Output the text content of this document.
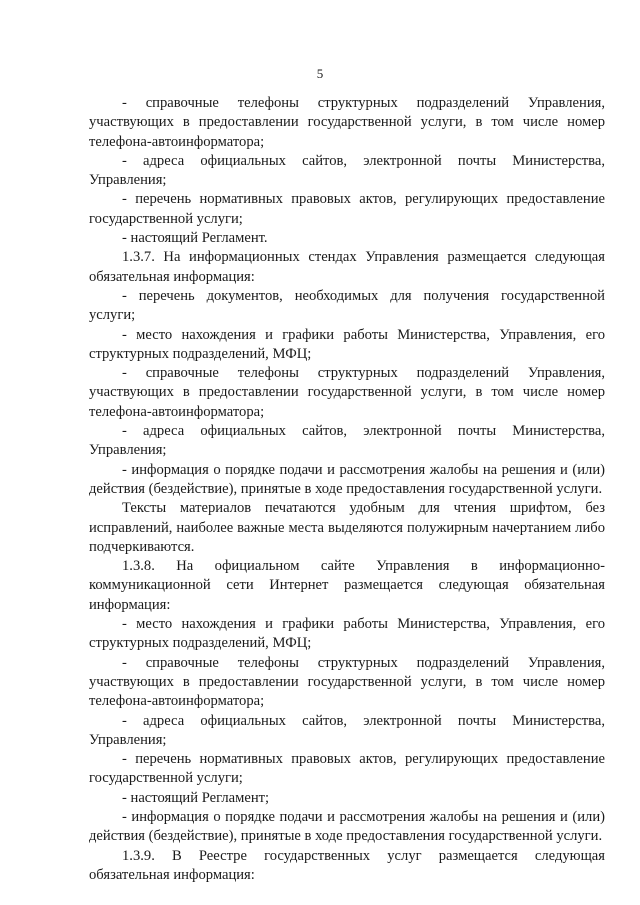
5

- справочные телефоны структурных подразделений Управления, участвующих в предоставлении государственной услуги, в том числе номер телефона-автоинформатора;

- адреса официальных сайтов, электронной почты Министерства, Управления;

- перечень нормативных правовых актов, регулирующих предоставление государственной услуги;

- настоящий Регламент.

1.3.7. На информационных стендах Управления размещается следующая обязательная информация:

- перечень документов, необходимых для получения государственной услуги;

- место нахождения и графики работы Министерства, Управления, его структурных подразделений, МФЦ;

- справочные телефоны структурных подразделений Управления, участвующих в предоставлении государственной услуги, в том числе номер телефона-автоинформатора;

- адреса официальных сайтов, электронной почты Министерства, Управления;

- информация о порядке подачи и рассмотрения жалобы на решения и (или) действия (бездействие), принятые в ходе предоставления государственной услуги.

Тексты материалов печатаются удобным для чтения шрифтом, без исправлений, наиболее важные места выделяются полужирным начертанием либо подчеркиваются.

1.3.8. На официальном сайте Управления в информационно-коммуникационной сети Интернет размещается следующая обязательная информация:

- место нахождения и графики работы Министерства, Управления, его структурных подразделений, МФЦ;

- справочные телефоны структурных подразделений Управления, участвующих в предоставлении государственной услуги, в том числе номер телефона-автоинформатора;

- адреса официальных сайтов, электронной почты Министерства, Управления;

- перечень нормативных правовых актов, регулирующих предоставление государственной услуги;

- настоящий Регламент;

- информация о порядке подачи и рассмотрения жалобы на решения и (или) действия (бездействие), принятые в ходе предоставления государственной услуги.

1.3.9. В Реестре государственных услуг размещается следующая обязательная информация:
